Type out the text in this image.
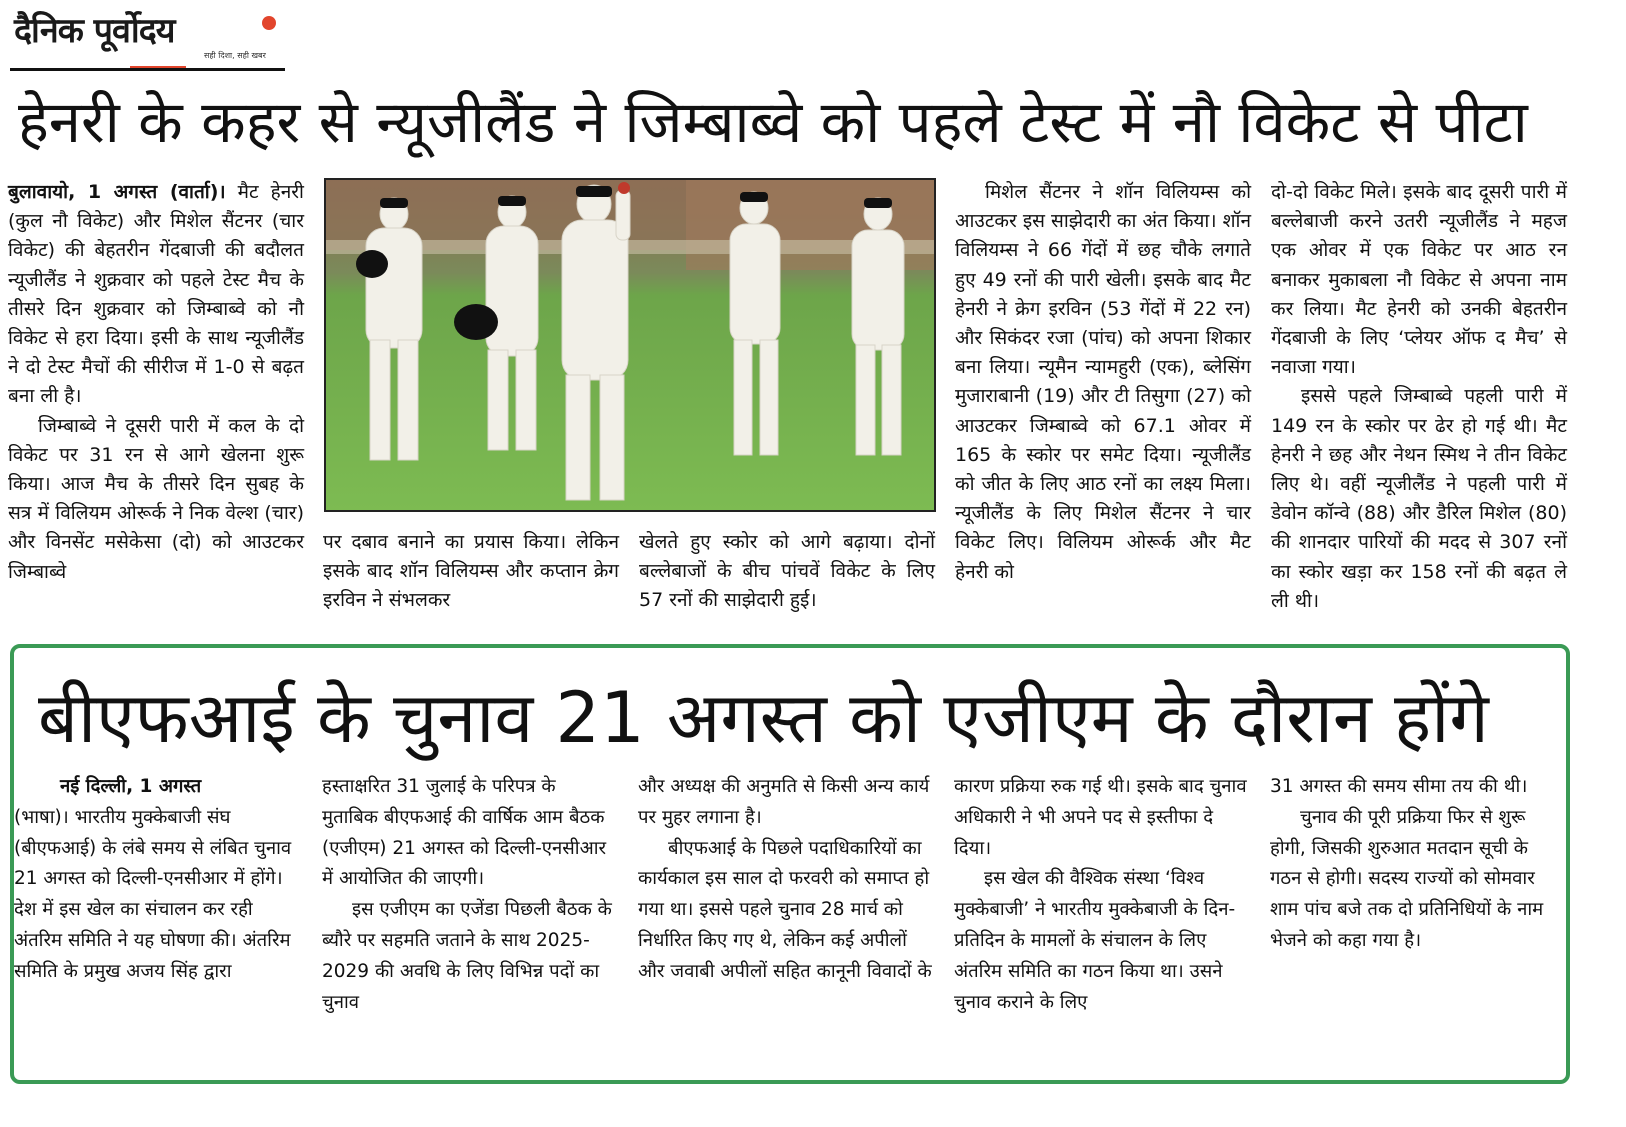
दैनिक पूर्वोदय
सही दिशा, सही खबर
हेनरी के कहर से न्यूजीलैंड ने जिम्बाब्वे को पहले टेस्ट में नौ विकेट से पीटा

बुलावायो, 1 अगस्त (वार्ता)। मैट हेनरी (कुल नौ विकेट) और मिशेल सैंटनर (चार विकेट) की बेहतरीन गेंदबाजी की बदौलत न्यूजीलैंड ने शुक्रवार को पहले टेस्ट मैच के तीसरे दिन शुक्रवार को जिम्बाब्वे को नौ विकेट से हरा दिया। इसी के साथ न्यूजीलैंड ने दो टेस्ट मैचों की सीरीज में 1-0 से बढ़त बना ली है।

जिम्बाब्वे ने दूसरी पारी में कल के दो विकेट पर 31 रन से आगे खेलना शुरू किया। आज मैच के तीसरे दिन सुबह के सत्र में विलियम ओरूर्क ने निक वेल्श (चार) और विनसेंट मसेकेसा (दो) को आउटकर जिम्बाब्वे

पर दबाव बनाने का प्रयास किया। लेकिन इसके बाद शॉन विलियम्स और कप्तान क्रेग इरविन ने संभलकर

खेलते हुए स्कोर को आगे बढ़ाया। दोनों बल्लेबाजों के बीच पांचवें विकेट के लिए 57 रनों की साझेदारी हुई।

मिशेल सैंटनर ने शॉन विलियम्स को आउटकर इस साझेदारी का अंत किया। शॉन विलियम्स ने 66 गेंदों में छह चौके लगाते हुए 49 रनों की पारी खेली। इसके बाद मैट हेनरी ने क्रेग इरविन (53 गेंदों में 22 रन) और सिकंदर रजा (पांच) को अपना शिकार बना लिया। न्यूमैन न्यामहुरी (एक), ब्लेसिंग मुजाराबानी (19) और टी तिसुगा (27) को आउटकर जिम्बाब्वे को 67.1 ओवर में 165 के स्कोर पर समेट दिया। न्यूजीलैंड को जीत के लिए आठ रनों का लक्ष्य मिला। न्यूजीलैंड के लिए मिशेल सैंटनर ने चार विकेट लिए। विलियम ओरूर्क और मैट हेनरी को

दो-दो विकेट मिले। इसके बाद दूसरी पारी में बल्लेबाजी करने उतरी न्यूजीलैंड ने महज एक ओवर में एक विकेट पर आठ रन बनाकर मुकाबला नौ विकेट से अपना नाम कर लिया। मैट हेनरी को उनकी बेहतरीन गेंदबाजी के लिए ‘प्लेयर ऑफ द मैच’ से नवाजा गया।

इससे पहले जिम्बाब्वे पहली पारी में 149 रन के स्कोर पर ढेर हो गई थी। मैट हेनरी ने छह और नेथन स्मिथ ने तीन विकेट लिए थे। वहीं न्यूजीलैंड ने पहली पारी में डेवोन कॉन्वे (88) और डैरिल मिशेल (80) की शानदार पारियों की मदद से 307 रनों का स्कोर खड़ा कर 158 रनों की बढ़त ले ली थी।

बीएफआई के चुनाव 21 अगस्त को एजीएम के दौरान होंगे

नई दिल्ली, 1 अगस्त

(भाषा)। भारतीय मुक्केबाजी संघ (बीएफआई) के लंबे समय से लंबित चुनाव 21 अगस्त को दिल्ली-एनसीआर में होंगे। देश में इस खेल का संचालन कर रही अंतरिम समिति ने यह घोषणा की। अंतरिम समिति के प्रमुख अजय सिंह द्वारा

हस्ताक्षरित 31 जुलाई के परिपत्र के मुताबिक बीएफआई की वार्षिक आम बैठक (एजीएम) 21 अगस्त को दिल्ली-एनसीआर में आयोजित की जाएगी।

इस एजीएम का एजेंडा पिछली बैठक के ब्यौरे पर सहमति जताने के साथ 2025-2029 की अवधि के लिए विभिन्न पदों का चुनाव

और अध्यक्ष की अनुमति से किसी अन्य कार्य पर मुहर लगाना है।

बीएफआई के पिछले पदाधिकारियों का कार्यकाल इस साल दो फरवरी को समाप्त हो गया था। इससे पहले चुनाव 28 मार्च को निर्धारित किए गए थे, लेकिन कई अपीलों और जवाबी अपीलों सहित कानूनी विवादों के

कारण प्रक्रिया रुक गई थी। इसके बाद चुनाव अधिकारी ने भी अपने पद से इस्तीफा दे दिया।

इस खेल की वैश्विक संस्था ‘विश्व मुक्केबाजी’ ने भारतीय मुक्केबाजी के दिन-प्रतिदिन के मामलों के संचालन के लिए अंतरिम समिति का गठन किया था। उसने चुनाव कराने के लिए

31 अगस्त की समय सीमा तय की थी।

चुनाव की पूरी प्रक्रिया फिर से शुरू होगी, जिसकी शुरुआत मतदान सूची के गठन से होगी। सदस्य राज्यों को सोमवार शाम पांच बजे तक दो प्रतिनिधियों के नाम भेजने को कहा गया है।
